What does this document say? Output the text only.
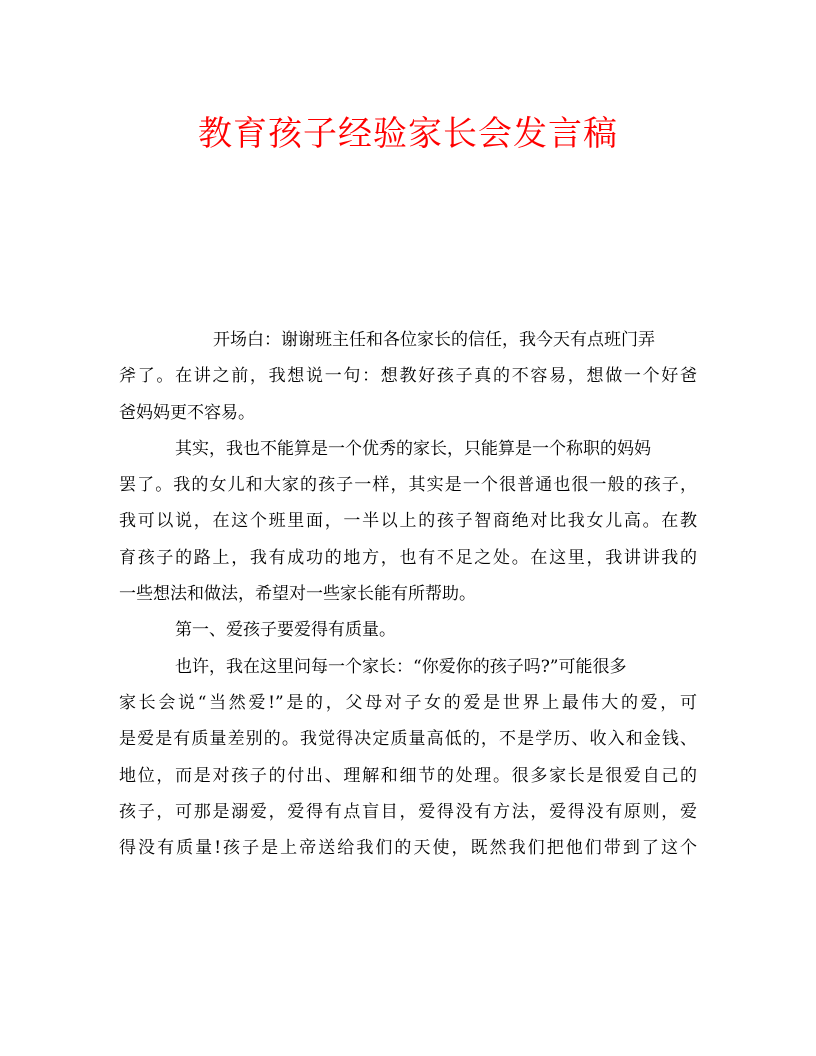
教育孩子经验家长会发言稿
开场白：谢谢班主任和各位家长的信任，我今天有点班门弄
斧了。在讲之前，我想说一句：想教好孩子真的不容易，想做一个好爸
爸妈妈更不容易。
其实，我也不能算是一个优秀的家长，只能算是一个称职的妈妈
罢了。我的女儿和大家的孩子一样，其实是一个很普通也很一般的孩子，
我可以说，在这个班里面，一半以上的孩子智商绝对比我女儿高。在教
育孩子的路上，我有成功的地方，也有不足之处。在这里，我讲讲我的
一些想法和做法，希望对一些家长能有所帮助。
第一、爱孩子要爱得有质量。
也许，我在这里问每一个家长：“你爱你的孩子吗?”可能很多
家长会说“当然爱!”是的，父母对子女的爱是世界上最伟大的爱，可
是爱是有质量差别的。我觉得决定质量高低的，不是学历、收入和金钱、
地位，而是对孩子的付出、理解和细节的处理。很多家长是很爱自己的
孩子，可那是溺爱，爱得有点盲目，爱得没有方法，爱得没有原则，爱
得没有质量!孩子是上帝送给我们的天使，既然我们把他们带到了这个
